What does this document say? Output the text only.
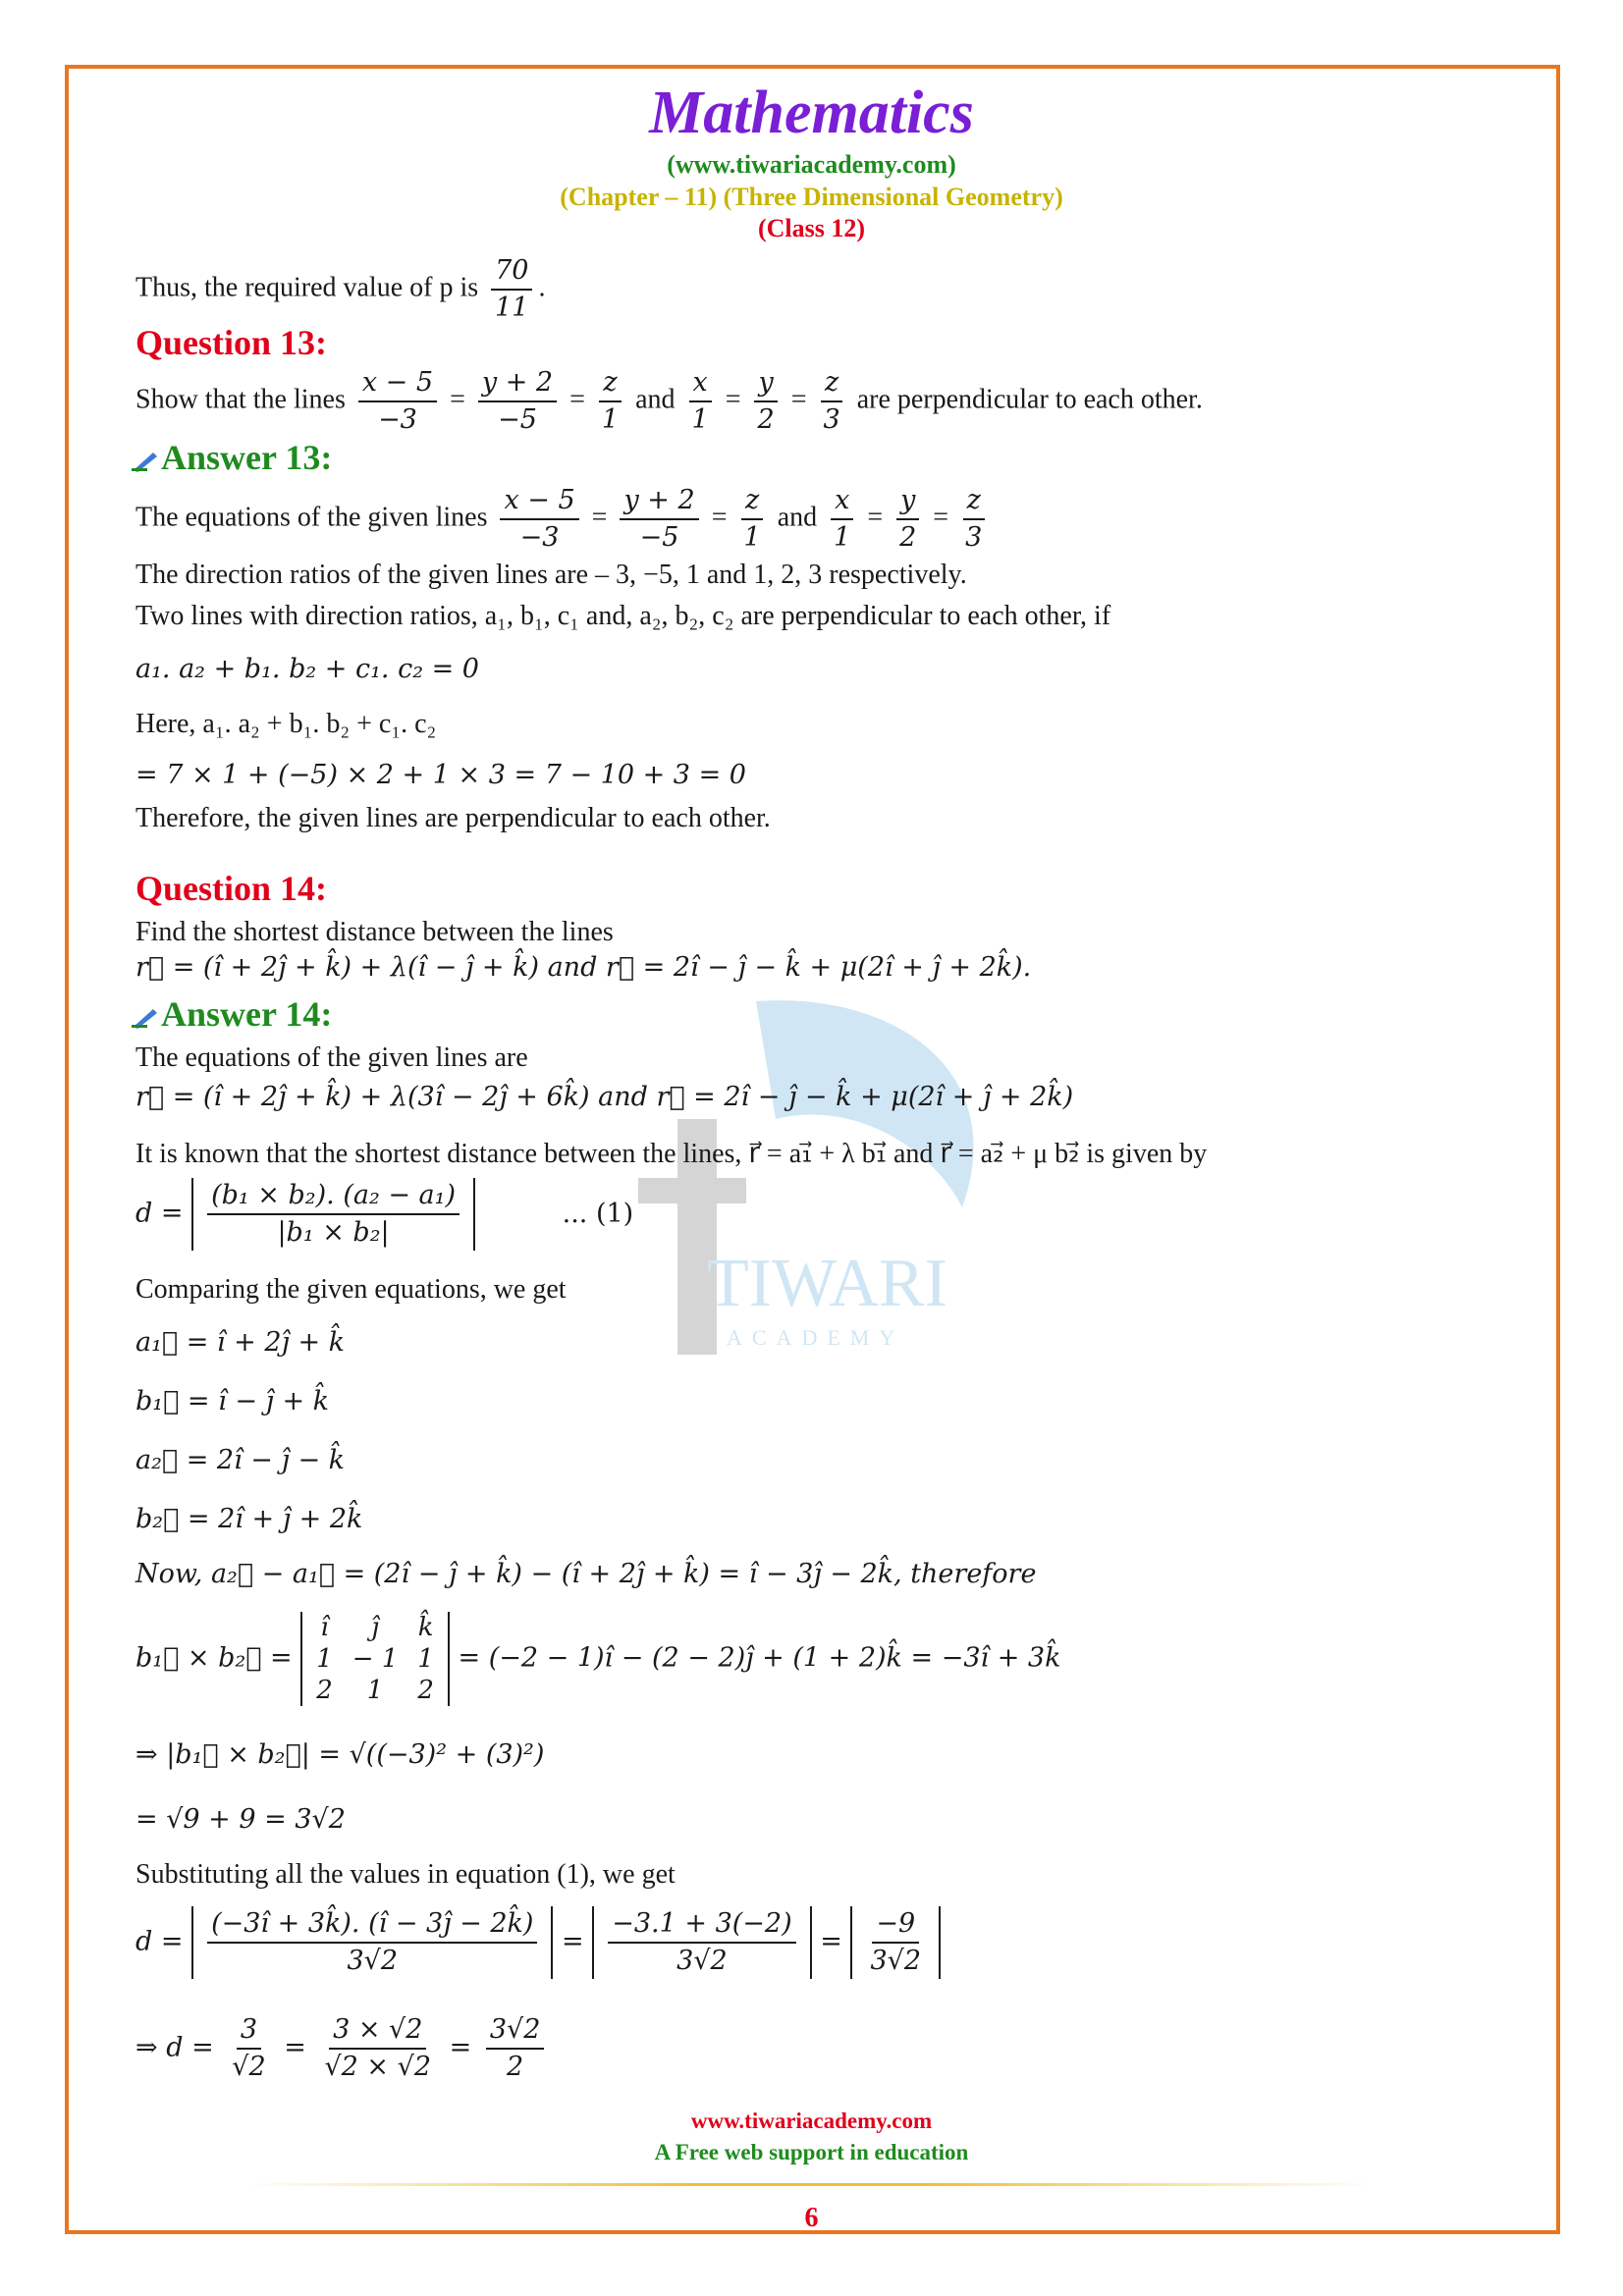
TIWARI
ACADEMY
Mathematics
(www.tiwariacademy.com)
(Chapter – 11) (Three Dimensional Geometry)
(Class 12)
Thus, the required value of p is $\frac{70}{11}$ .
Question 13:
Show that the lines $\frac{x - 5}{-3} = \frac{y + 2}{-5} = \frac{z}{1}$ and $\frac{x}{1} = \frac{y}{2} = \frac{z}{3}$ are perpendicular to each other.
Answer 13:
The equations of the given lines $\frac{x - 5}{-3} = \frac{y + 2}{-5} = \frac{z}{1}$ and $\frac{x}{1} = \frac{y}{2} = \frac{z}{3}$
The direction ratios of the given lines are – 3, −5, 1 and 1, 2, 3 respectively.
Two lines with direction ratios, a₁, b₁, c₁ and, a₂, b₂, c₂ are perpendicular to each other, if
a₁. a₂ + b₁. b₂ + c₁. c₂ = 0
Here, a₁. a₂ + b₁. b₂ + c₁. c₂
= 7 × 1 + (−5) × 2 + 1 × 3 = 7 − 10 + 3 = 0
Therefore, the given lines are perpendicular to each other.
Question 14:
Find the shortest distance between the lines
r⃗ = (î + 2ĵ + k̂) + λ(î − ĵ + k̂) and r⃗ = 2î − ĵ − k̂ + μ(2î + ĵ + 2k̂).
Answer 14:
The equations of the given lines are
r⃗ = (î + 2ĵ + k̂) + λ(3î − 2ĵ + 6k̂) and r⃗ = 2î − ĵ − k̂ + μ(2î + ĵ + 2k̂)
It is known that the shortest distance between the lines, r⃗ = a₁⃗ + λ b₁⃗ and r⃗ = a₂⃗ + μ b₂⃗ is given by
$d = \frac{\text{(b₁ × b₂). (a₂ − a₁)}}{\text{|b₁ × b₂|}}$	... (1)
Comparing the given equations, we get
a₁⃗ = î + 2ĵ + k̂
b₁⃗ = î − ĵ + k̂
a₂⃗ = 2î − ĵ − k̂
b₂⃗ = 2î + ĵ + 2k̂
Now, a₂⃗ − a₁⃗ = (2î − ĵ + k̂) − (î + 2ĵ + k̂) = î − 3ĵ − 2k̂, therefore
b₁⃗ × b₂⃗ =
î	ĵ	k̂
1	− 1	1
2	1	2
= (−2 − 1)î − (2 − 2)ĵ + (1 + 2)k̂ = −3î + 3k̂
⇒ |b₁⃗ × b₂⃗| = √((−3)² + (3)²)
= √9 + 9 = 3√2
Substituting all the values in equation (1), we get
$d = \frac{(-3î + 3k̂). (î - 3ĵ - 2k̂)}{3√2} = \frac{-3.1 + 3(-2)}{3√2} = \frac{-9}{3√2}$
⇒ $d = \frac{3}{√2} = \frac{3 \times √2}{√2 \times √2} = \frac{3√2}{2}$
www.tiwariacademy.com
A Free web support in education
6
